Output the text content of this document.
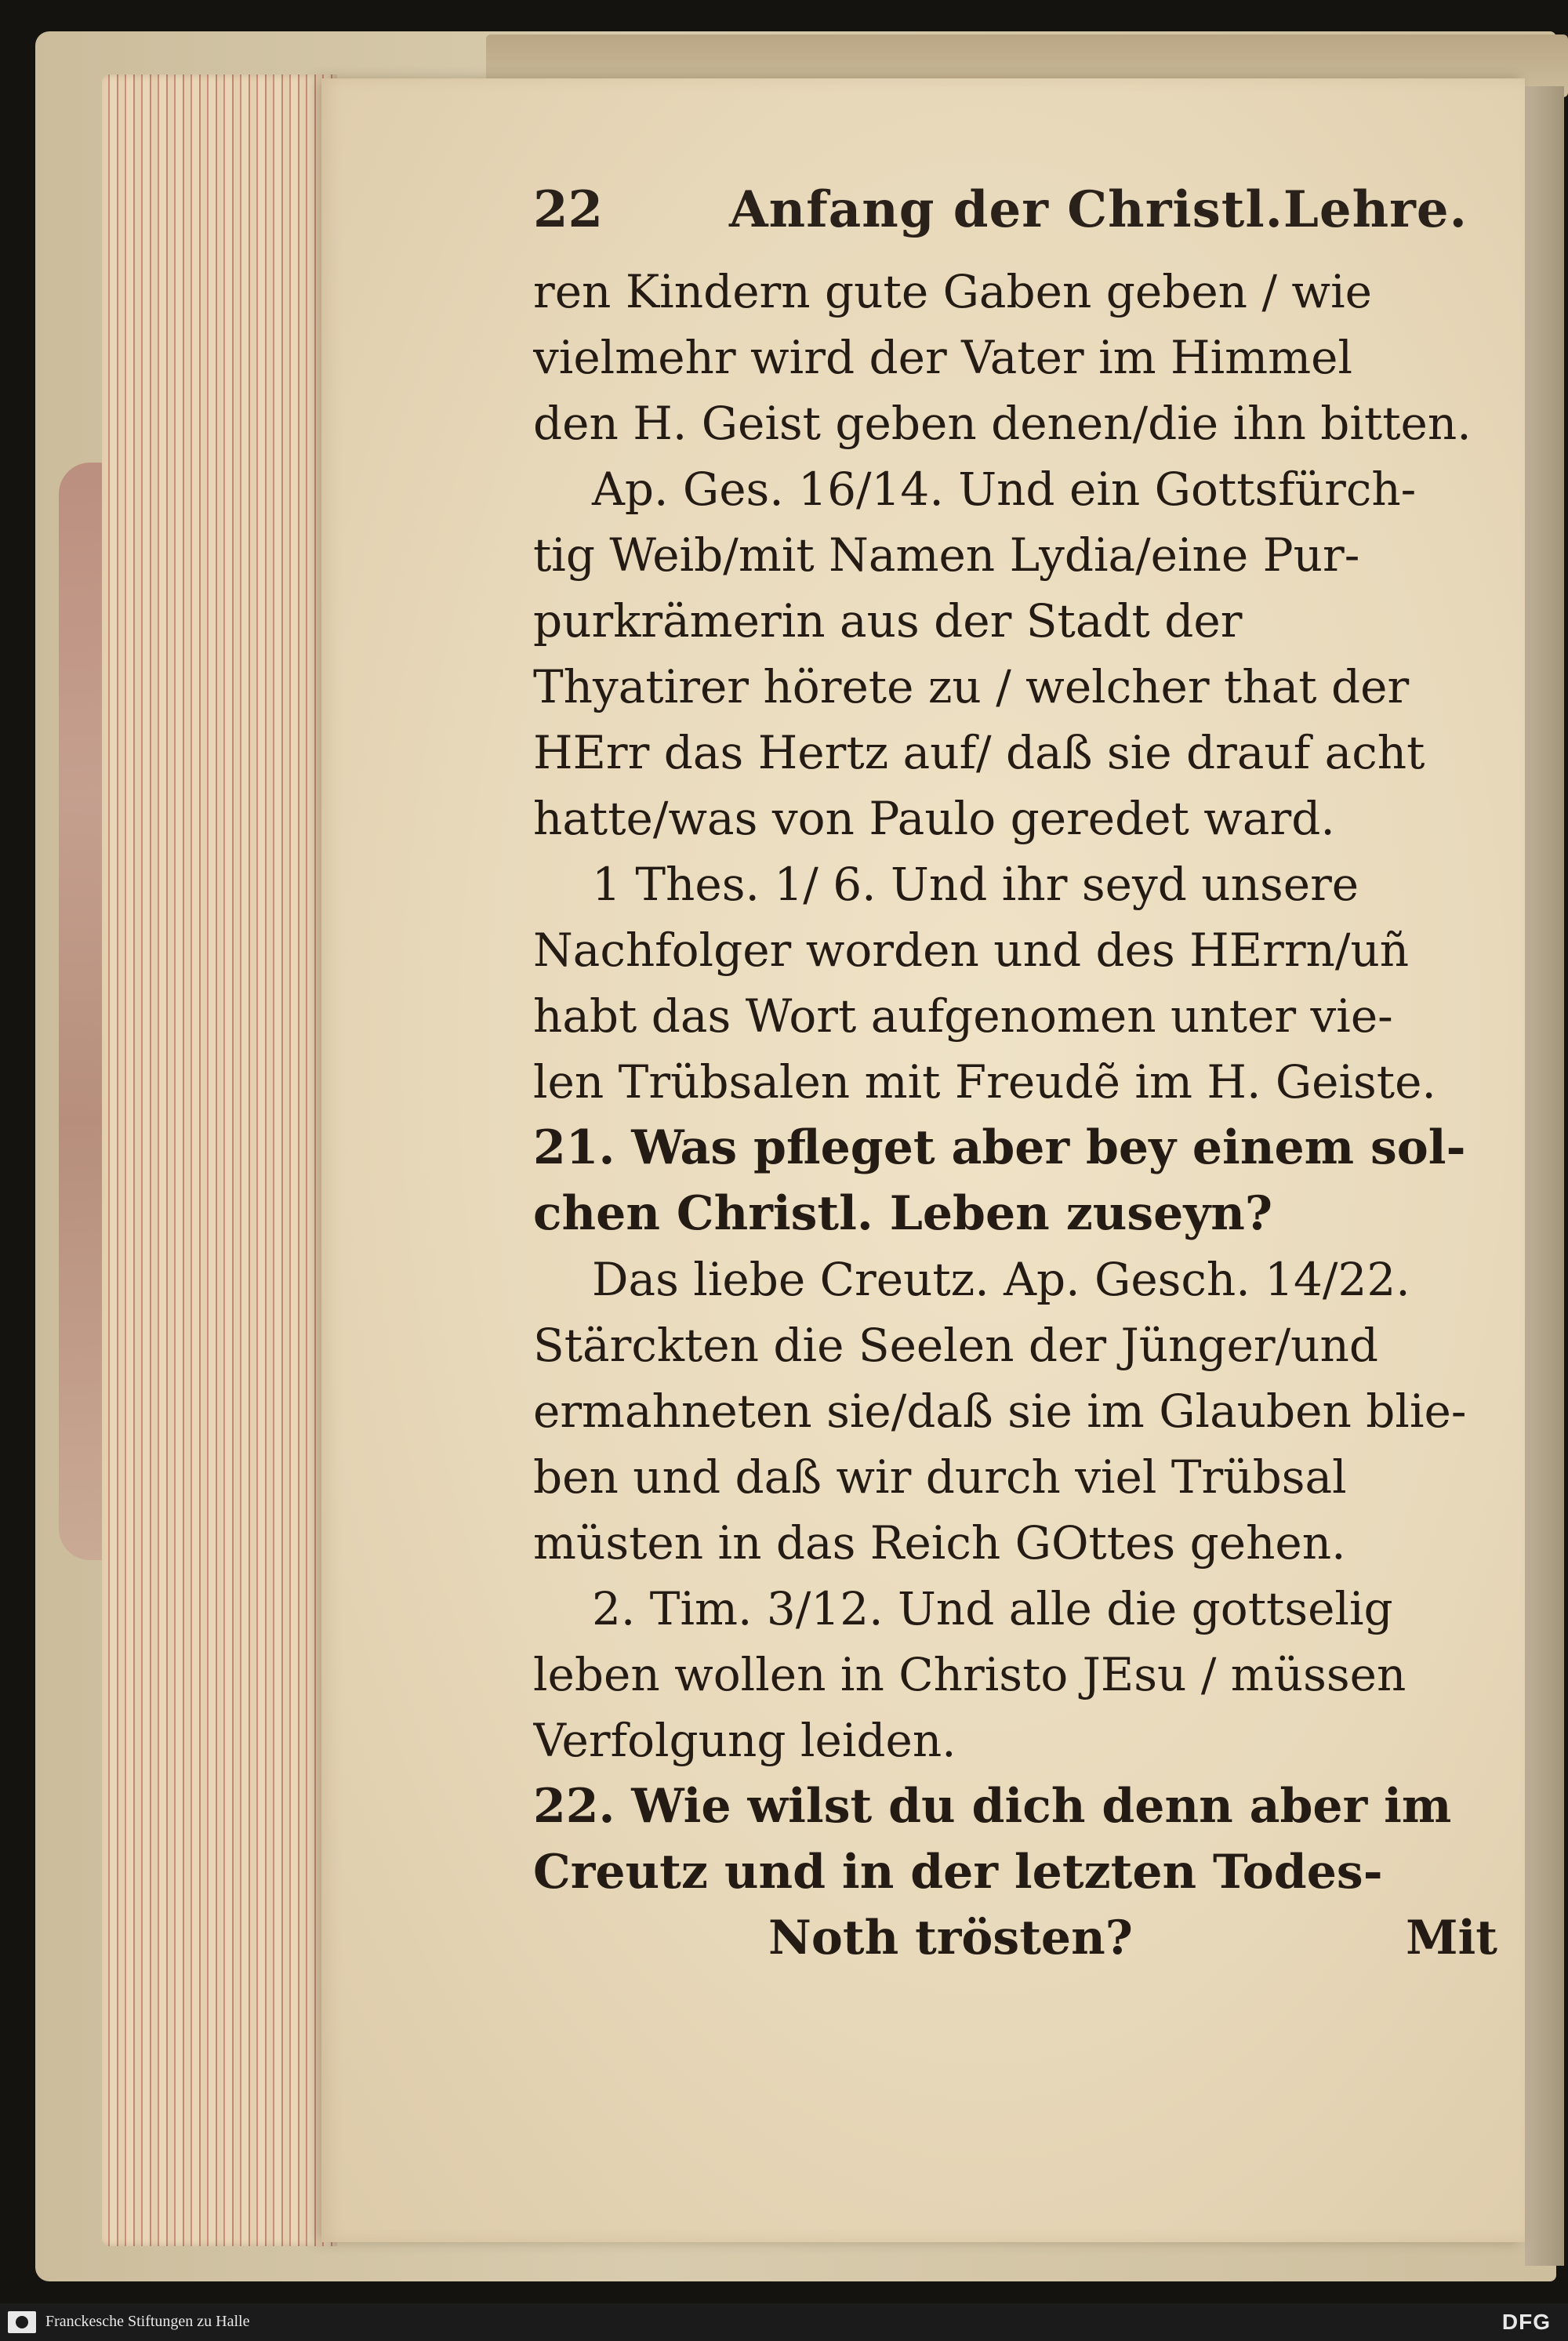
22	Anfang der Christl.Lehre.
ren Kindern gute Gaben geben / wie
vielmehr wird der Vater im Himmel
den H. Geist geben denen/die ihn bitten.
Ap. Ges. 16/14. Und ein Gottsfürch-
tig Weib/mit Namen Lydia/eine Pur-
purkrämerin aus der Stadt der
Thyatirer hörete zu / welcher that der
HErr das Hertz auf/ daß sie drauf acht
hatte/was von Paulo geredet ward.
1 Thes. 1/ 6. Und ihr seyd unsere
Nachfolger worden und des HErrn/uñ
habt das Wort aufgenomen unter vie-
len Trübsalen mit Freudẽ im H. Geiste.
21. Was pfleget aber bey einem sol-
chen Christl. Leben zuseyn?
Das liebe Creutz. Ap. Gesch. 14/22.
Stärckten die Seelen der Jünger/und
ermahneten sie/daß sie im Glauben blie-
ben und daß wir durch viel Trübsal
müsten in das Reich GOttes gehen.
2. Tim. 3/12. Und alle die gottselig
leben wollen in Christo JEsu / müssen
Verfolgung leiden.
22. Wie wilst du dich denn aber im
Creutz und in der letzten Todes-
Noth trösten?	Mit
Franckesche Stiftungen zu Halle	DFG
